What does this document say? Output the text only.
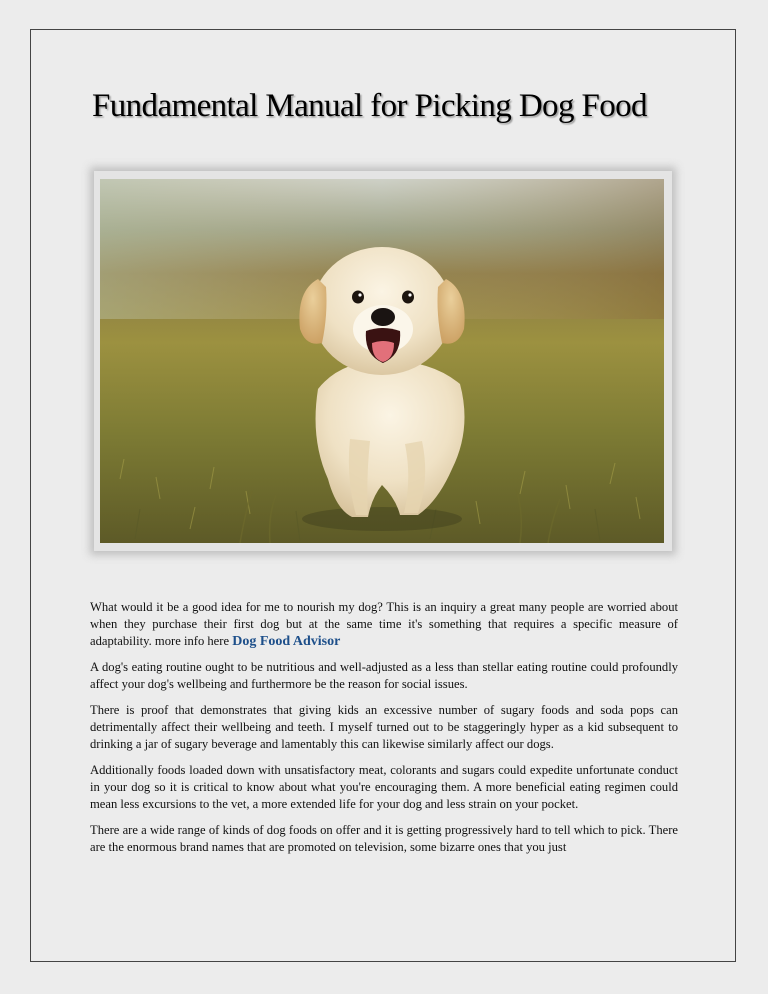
Fundamental Manual for Picking Dog Food

What would it be a good idea for me to nourish my dog? This is an inquiry a great many people are worried about when they purchase their first dog but at the same time it's something that requires a specific measure of adaptability. more info here Dog Food Advisor

A dog's eating routine ought to be nutritious and well-adjusted as a less than stellar eating routine could profoundly affect your dog's wellbeing and furthermore be the reason for social issues.

There is proof that demonstrates that giving kids an excessive number of sugary foods and soda pops can detrimentally affect their wellbeing and teeth. I myself turned out to be staggeringly hyper as a kid subsequent to drinking a jar of sugary beverage and lamentably this can likewise similarly affect our dogs.

Additionally foods loaded down with unsatisfactory meat, colorants and sugars could expedite unfortunate conduct in your dog so it is critical to know about what you're encouraging them. A more beneficial eating regimen could mean less excursions to the vet, a more extended life for your dog and less strain on your pocket.

There are a wide range of kinds of dog foods on offer and it is getting progressively hard to tell which to pick. There are the enormous brand names that are promoted on television, some bizarre ones that you just
